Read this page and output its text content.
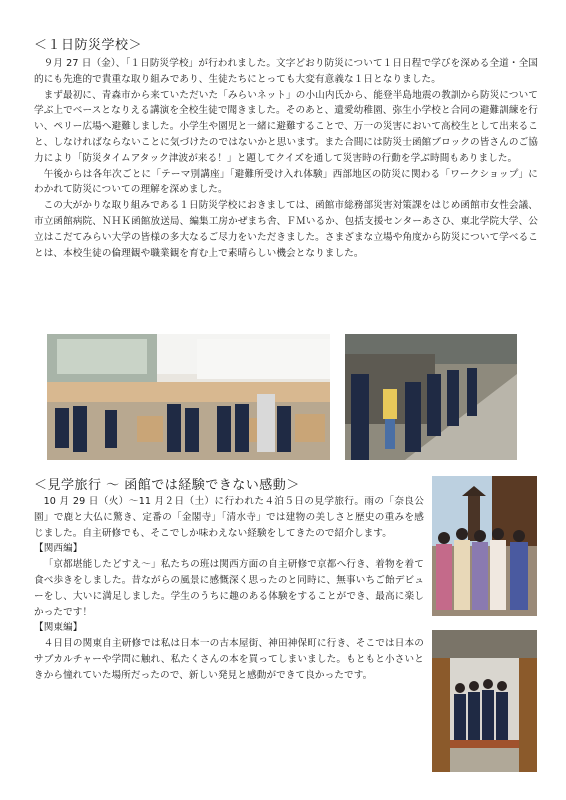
＜１日防災学校＞

９月 27 日（金）、「１日防災学校」が行われました。文字どおり防災について１日日程で学びを深める全道・全国的にも先進的で貴重な取り組みであり、生徒たちにとっても大変有意義な１日となりました。

まず最初に、青森市から来ていただいた「みらいネット」の小山内氏から、能登半島地震の教訓から防災について学ぶ上でベースとなりえる講演を全校生徒で聞きました。そのあと、遺愛幼稚園、弥生小学校と合同の避難訓練を行い、ペリー広場へ避難しました。小学生や園児と一緒に避難することで、万一の災害において高校生として出来ること、しなければならないことに気づけたのではないかと思います。また合間には防災士函館ブロックの皆さんのご協力により「防災タイムアタック津波が来る！」と題してクイズを通して災害時の行動を学ぶ時間もありました。

午後からは各年次ごとに「テーマ別講座」「避難所受け入れ体験」西部地区の防災に関わる「ワークショップ」にわかれて防災についての理解を深めました。

この大がかりな取り組みである１日防災学校におきましては、函館市総務部災害対策課をはじめ函館市女性会議、市立函館病院、ＮＨＫ函館放送局、編集工房かぜまち舎、ＦＭいるか、包括支援センターあさひ、東北学院大学、公立はこだてみらい大学の皆様の多大なるご尽力をいただきました。さまざまな立場や角度から防災について学べることは、本校生徒の倫理観や職業観を育む上で素晴らしい機会となりました。

＜見学旅行 ～ 函館では経験できない感動＞

10 月 29 日（火）～11 月２日（土）に行われた４泊５日の見学旅行。雨の「奈良公園」で鹿と大仏に驚き、定番の「金閣寺」「清水寺」では建物の美しさと歴史の重みを感じました。自主研修でも、そこでしか味わえない経験をしてきたので紹介します。

【関西編】

「京都堪能したどすえ～」私たちの班は関西方面の自主研修で京都へ行き、着物を着て食べ歩きをしました。昔ながらの風景に感慨深く思ったのと同時に、無事いちご飴デビューをし、大いに満足しました。学生のうちに趣のある体験をすることができ、最高に楽しかったです！

【関東編】

４日目の関東自主研修では私は日本一の古本屋街、神田神保町に行き、そこでは日本のサブカルチャーや学問に触れ、私たくさんの本を買ってしまいました。もともと小さいときから憧れていた場所だったので、新しい発見と感動ができて良かったです。
